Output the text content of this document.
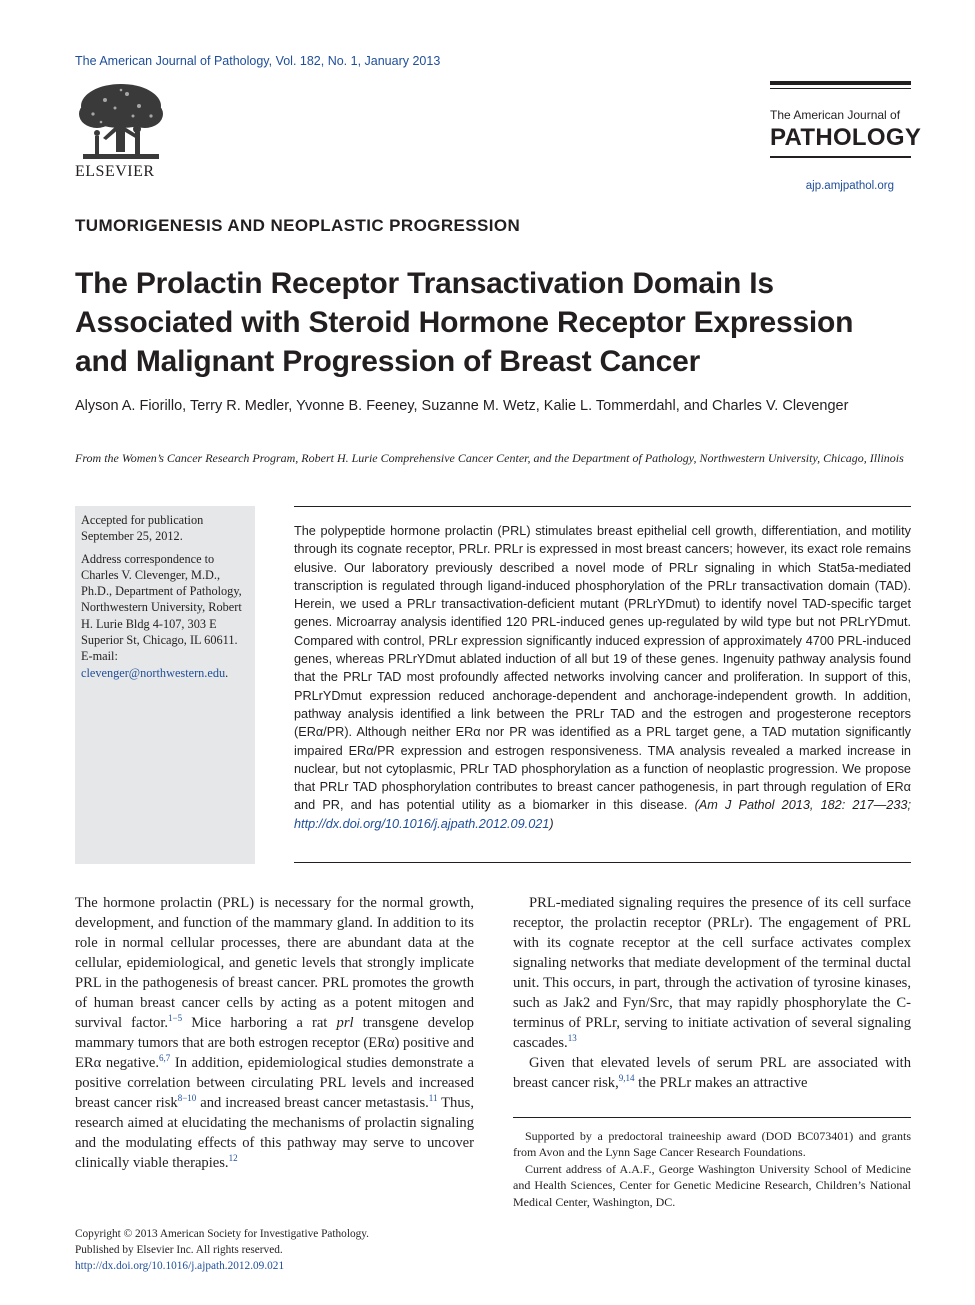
The American Journal of Pathology, Vol. 182, No. 1, January 2013
ELSEVIER
The American Journal of
PATHOLOGY
ajp.amjpathol.org
TUMORIGENESIS AND NEOPLASTIC PROGRESSION
The Prolactin Receptor Transactivation Domain Is
Associated with Steroid Hormone Receptor Expression
and Malignant Progression of Breast Cancer
Alyson A. Fiorillo, Terry R. Medler, Yvonne B. Feeney, Suzanne M. Wetz, Kalie L. Tommerdahl, and Charles V. Clevenger
From the Women’s Cancer Research Program, Robert H. Lurie Comprehensive Cancer Center, and the Department of Pathology, Northwestern University, Chicago, Illinois

Accepted for publication September 25, 2012.

Address correspondence to Charles V. Clevenger, M.D., Ph.D., Department of Pathology, Northwestern University, Robert H. Lurie Bldg 4-107, 303 E Superior St, Chicago, IL 60611. E-mail: clevenger@northwestern.edu.

The polypeptide hormone prolactin (PRL) stimulates breast epithelial cell growth, differentiation, and motility through its cognate receptor, PRLr. PRLr is expressed in most breast cancers; however, its exact role remains elusive. Our laboratory previously described a novel mode of PRLr signaling in which Stat5a-mediated transcription is regulated through ligand-induced phosphorylation of the PRLr transactivation domain (TAD). Herein, we used a PRLr transactivation-deficient mutant (PRLrYDmut) to identify novel TAD-specific target genes. Microarray analysis identified 120 PRL-induced genes up-regulated by wild type but not PRLrYDmut. Compared with control, PRLr expression significantly induced expression of approximately 4700 PRL-induced genes, whereas PRLrYDmut ablated induction of all but 19 of these genes. Ingenuity pathway analysis found that the PRLr TAD most profoundly affected networks involving cancer and proliferation. In support of this, PRLrYDmut expression reduced anchorage-dependent and anchorage-independent growth. In addition, pathway analysis identified a link between the PRLr TAD and the estrogen and progesterone receptors (ERα/PR). Although neither ERα nor PR was identified as a PRL target gene, a TAD mutation significantly impaired ERα/PR expression and estrogen responsiveness. TMA analysis revealed a marked increase in nuclear, but not cytoplasmic, PRLr TAD phosphorylation as a function of neoplastic progression. We propose that PRLr TAD phosphorylation contributes to breast cancer pathogenesis, in part through regulation of ERα and PR, and has potential utility as a biomarker in this disease. (Am J Pathol 2013, 182: 217—233; http://dx.doi.org/10.1016/j.ajpath.2012.09.021)

The hormone prolactin (PRL) is necessary for the normal growth, development, and function of the mammary gland. In addition to its role in normal cellular processes, there are abundant data at the cellular, epidemiological, and genetic levels that strongly implicate PRL in the pathogenesis of breast cancer. PRL promotes the growth of human breast cancer cells by acting as a potent mitogen and survival factor.$^{1-5}$ Mice harboring a rat prl transgene develop mammary tumors that are both estrogen receptor (ERα) positive and ERα negative.$^{6,7}$ In addition, epidemiological studies demonstrate a positive correlation between circulating PRL levels and increased breast cancer risk$^{8-10}$ and increased breast cancer metastasis.$^{11}$ Thus, research aimed at elucidating the mechanisms of prolactin signaling and the modulating effects of this pathway may serve to uncover clinically viable therapies.$^{12}$

PRL-mediated signaling requires the presence of its cell surface receptor, the prolactin receptor (PRLr). The engagement of PRL with its cognate receptor at the cell surface activates complex signaling networks that mediate development of the terminal ductal unit. This occurs, in part, through the activation of tyrosine kinases, such as Jak2 and Fyn/Src, that may rapidly phosphorylate the C-terminus of PRLr, serving to initiate activation of several signaling cascades.$^{13}$

Given that elevated levels of serum PRL are associated with breast cancer risk,$^{9,14}$ the PRLr makes an attractive

Supported by a predoctoral traineeship award (DOD BC073401) and grants from Avon and the Lynn Sage Cancer Research Foundations.

Current address of A.A.F., George Washington University School of Medicine and Health Sciences, Center for Genetic Medicine Research, Children’s National Medical Center, Washington, DC.

Copyright © 2013 American Society for Investigative Pathology.
Published by Elsevier Inc. All rights reserved.
http://dx.doi.org/10.1016/j.ajpath.2012.09.021
